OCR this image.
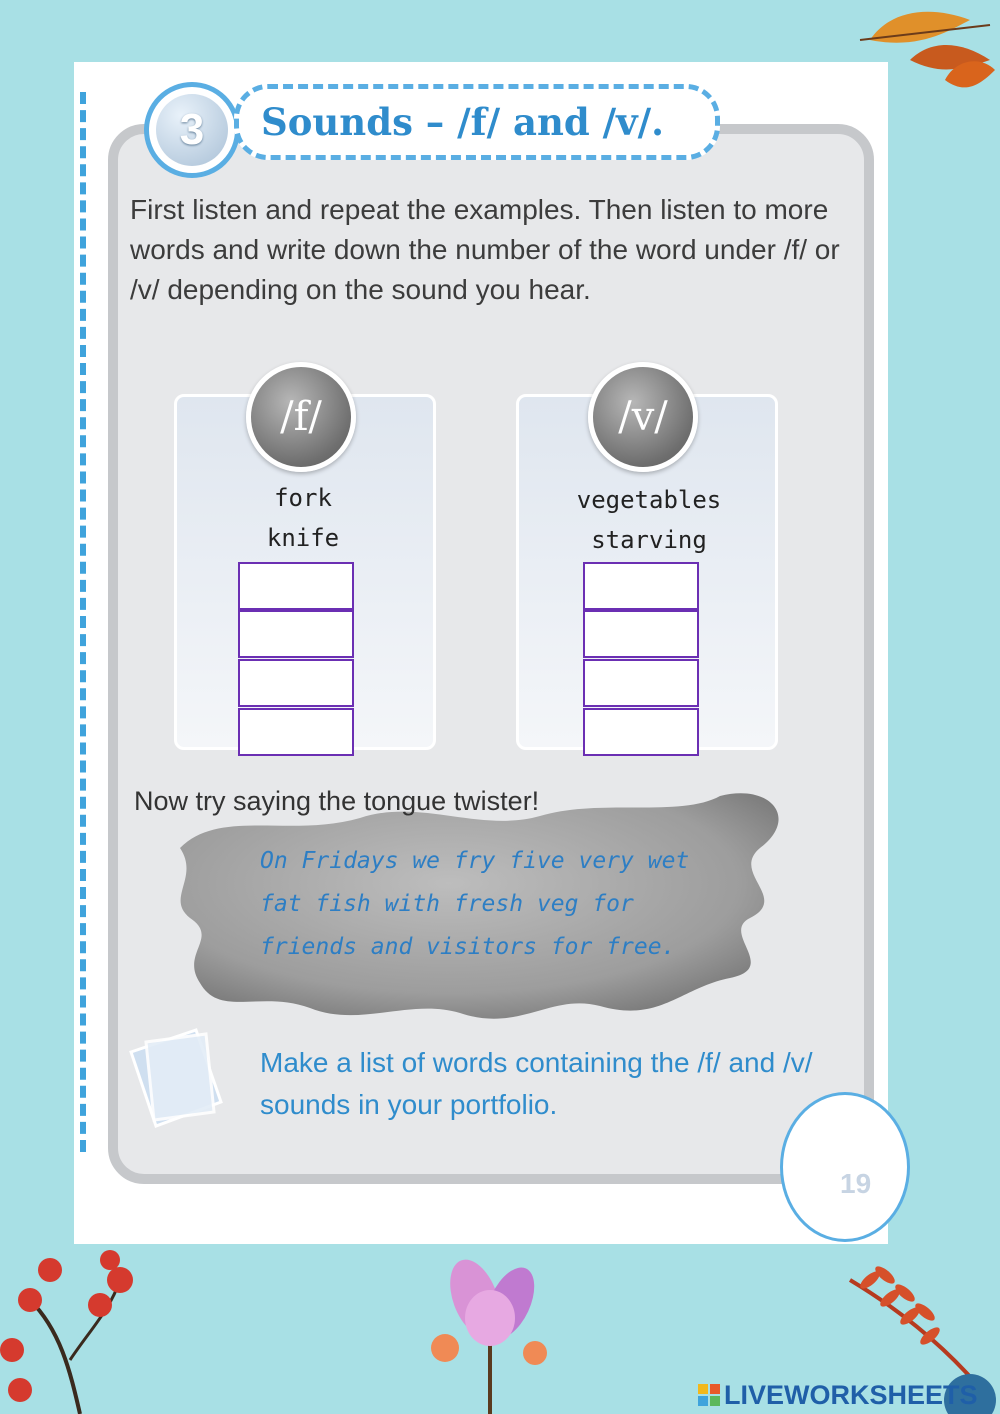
3	Sounds – /f/ and /v/.

First listen and repeat the examples. Then listen to more words and write down the number of the word under /f/ or /v/ depending on the sound you hear.

/f/
fork
knife
/v/
vegetables
starving
Now try saying the tongue twister!

On Fridays we fry five very wet fat fish with fresh veg for friends and visitors for free.

Make a list of words containing the /f/ and /v/ sounds in your portfolio.

19
LIVEWORKSHEETS
